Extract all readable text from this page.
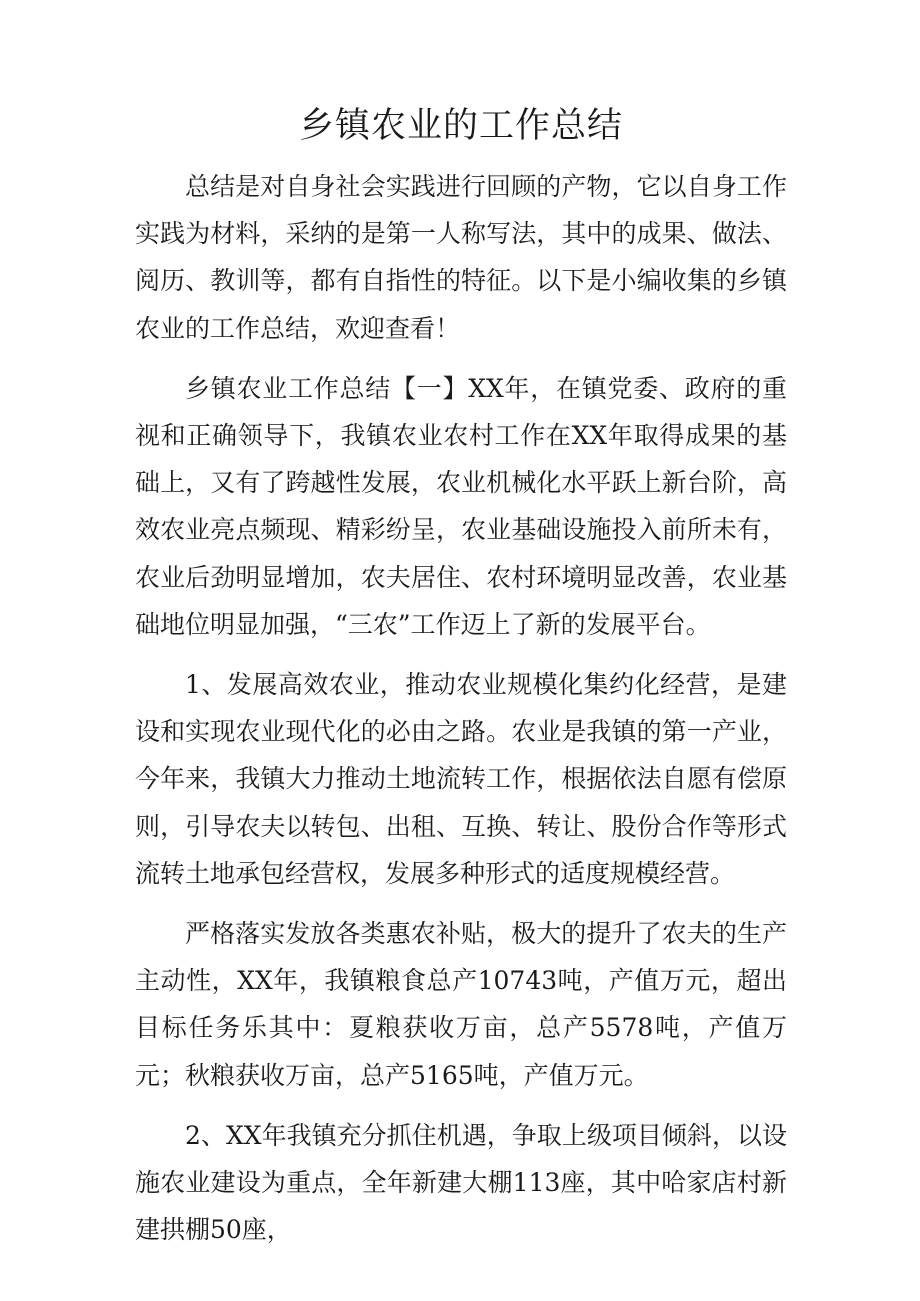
乡镇农业的工作总结

总结是对自身社会实践进行回顾的产物，它以自身工作实践为材料，采纳的是第一人称写法，其中的成果、做法、阅历、教训等，都有自指性的特征。以下是小编收集的乡镇农业的工作总结，欢迎查看！

乡镇农业工作总结【一】XX年，在镇党委、政府的重视和正确领导下，我镇农业农村工作在XX年取得成果的基础上，又有了跨越性发展，农业机械化水平跃上新台阶，高效农业亮点频现、精彩纷呈，农业基础设施投入前所未有，农业后劲明显增加，农夫居住、农村环境明显改善，农业基础地位明显加强，“三农”工作迈上了新的发展平台。

1、发展高效农业，推动农业规模化集约化经营，是建设和实现农业现代化的必由之路。农业是我镇的第一产业，今年来，我镇大力推动土地流转工作，根据依法自愿有偿原则，引导农夫以转包、出租、互换、转让、股份合作等形式流转土地承包经营权，发展多种形式的适度规模经营。

严格落实发放各类惠农补贴，极大的提升了农夫的生产主动性，XX年，我镇粮食总产10743吨，产值万元，超出目标任务乐其中：夏粮获收万亩，总产5578吨，产值万元；秋粮获收万亩，总产5165吨，产值万元。

2、XX年我镇充分抓住机遇，争取上级项目倾斜，以设施农业建设为重点，全年新建大棚113座，其中哈家店村新建拱棚50座，
